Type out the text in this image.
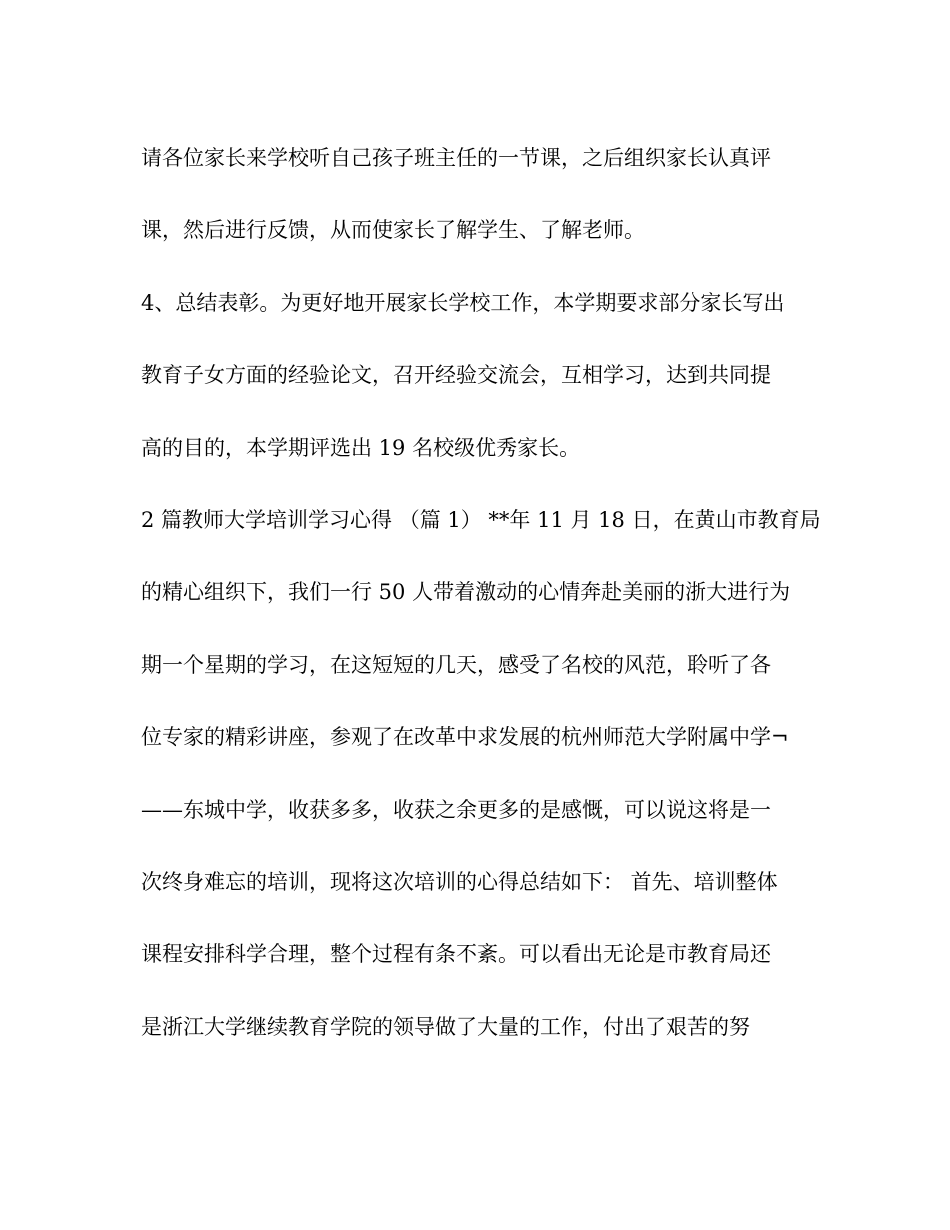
请各位家长来学校听自己孩子班主任的一节课，之后组织家长认真评
课，然后进行反馈，从而使家长了解学生、了解老师。
4、总结表彰。为更好地开展家长学校工作，本学期要求部分家长写出
教育子女方面的经验论文，召开经验交流会，互相学习，达到共同提
高的目的，本学期评选出 19 名校级优秀家长。
2 篇教师大学培训学习心得 （篇 1） **年 11 月 18 日，在黄山市教育局
的精心组织下，我们一行 50 人带着激动的心情奔赴美丽的浙大进行为
期一个星期的学习，在这短短的几天，感受了名校的风范，聆听了各
位专家的精彩讲座，参观了在改革中求发展的杭州师范大学附属中学¬
——东城中学，收获多多，收获之余更多的是感慨，可以说这将是一
次终身难忘的培训，现将这次培训的心得总结如下： 首先、培训整体
课程安排科学合理，整个过程有条不紊。可以看出无论是市教育局还
是浙江大学继续教育学院的领导做了大量的工作，付出了艰苦的努
